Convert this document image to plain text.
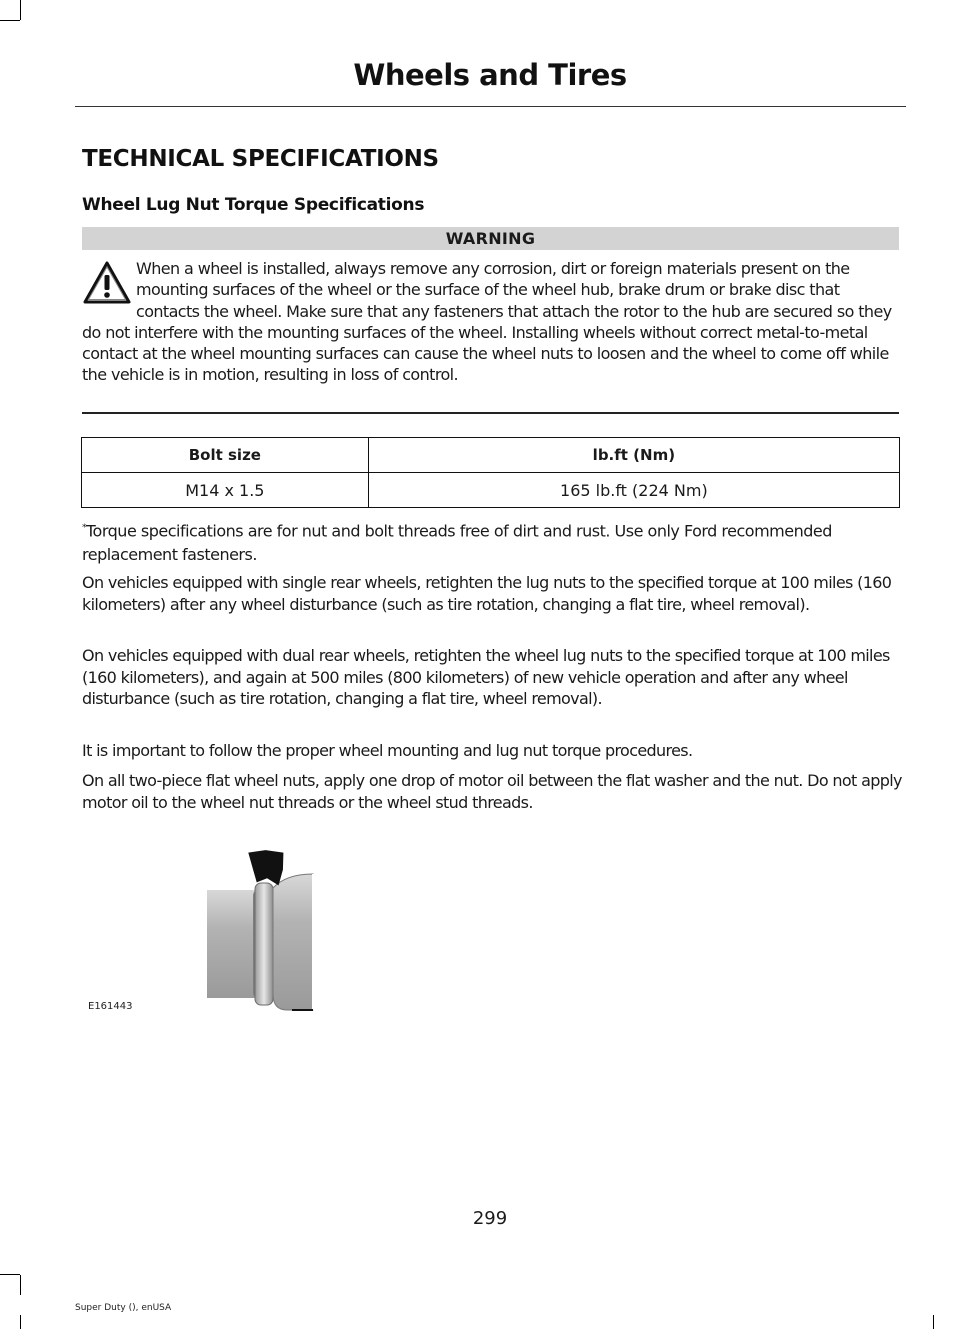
Wheels and Tires
TECHNICAL SPECIFICATIONS
Wheel Lug Nut Torque Specifications
WARNING
When a wheel is installed, always remove any corrosion, dirt or foreign materials present on the mounting surfaces of the wheel or the surface of the wheel hub, brake drum or brake disc that contacts the wheel. Make sure that any fasteners that attach the rotor to the hub are secured so they do not interfere with the mounting surfaces of the wheel. Installing wheels without correct metal-to-metal contact at the wheel mounting surfaces can cause the wheel nuts to loosen and the wheel to come off while the vehicle is in motion, resulting in loss of control.
Bolt size	lb.ft (Nm)
M14 x 1.5	165 lb.ft (224 Nm)
*Torque specifications are for nut and bolt threads free of dirt and rust. Use only Ford recommended replacement fasteners.
On vehicles equipped with single rear wheels, retighten the lug nuts to the specified torque at 100 miles (160 kilometers) after any wheel disturbance (such as tire rotation, changing a flat tire, wheel removal).
On vehicles equipped with dual rear wheels, retighten the wheel lug nuts to the specified torque at 100 miles (160 kilometers), and again at 500 miles (800 kilometers) of new vehicle operation and after any wheel disturbance (such as tire rotation, changing a flat tire, wheel removal).
It is important to follow the proper wheel mounting and lug nut torque procedures.
On all two-piece flat wheel nuts, apply one drop of motor oil between the flat washer and the nut. Do not apply motor oil to the wheel nut threads or the wheel stud threads.
E161443
299
Super Duty (), enUSA
